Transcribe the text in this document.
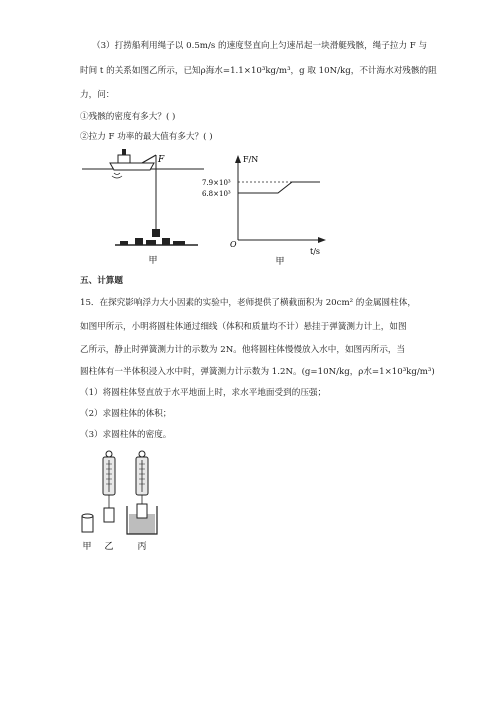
（3）打捞船利用绳子以 0.5m/s 的速度竖直向上匀速吊起一块滑艇残骸，绳子拉力 F 与
时间 t 的关系如图乙所示，已知ρ海水=1.1×10³kg/m³，g 取 10N/kg，不计海水对残骸的阻
力，问：
①残骸的密度有多大？( )
②拉力 F 功率的最大值有多大？( )
F
甲
F/N
t/s
O
7.9×10³
6.8×10³
甲
五、计算题
15．在探究影响浮力大小因素的实验中，老师提供了横截面积为 20cm² 的金属圆柱体，
如图甲所示，小明将圆柱体通过细线（体积和质量均不计）悬挂于弹簧测力计上，如图
乙所示，静止时弹簧测力计的示数为 2N。他将圆柱体慢慢放入水中，如图丙所示，当
圆柱体有一半体积浸入水中时，弹簧测力计示数为 1.2N。(g=10N/kg，ρ水=1×10³kg/m³)
（1）将圆柱体竖直放于水平地面上时，求水平地面受到的压强；
（2）求圆柱体的体积；
（3）求圆柱体的密度。
甲 乙	丙
